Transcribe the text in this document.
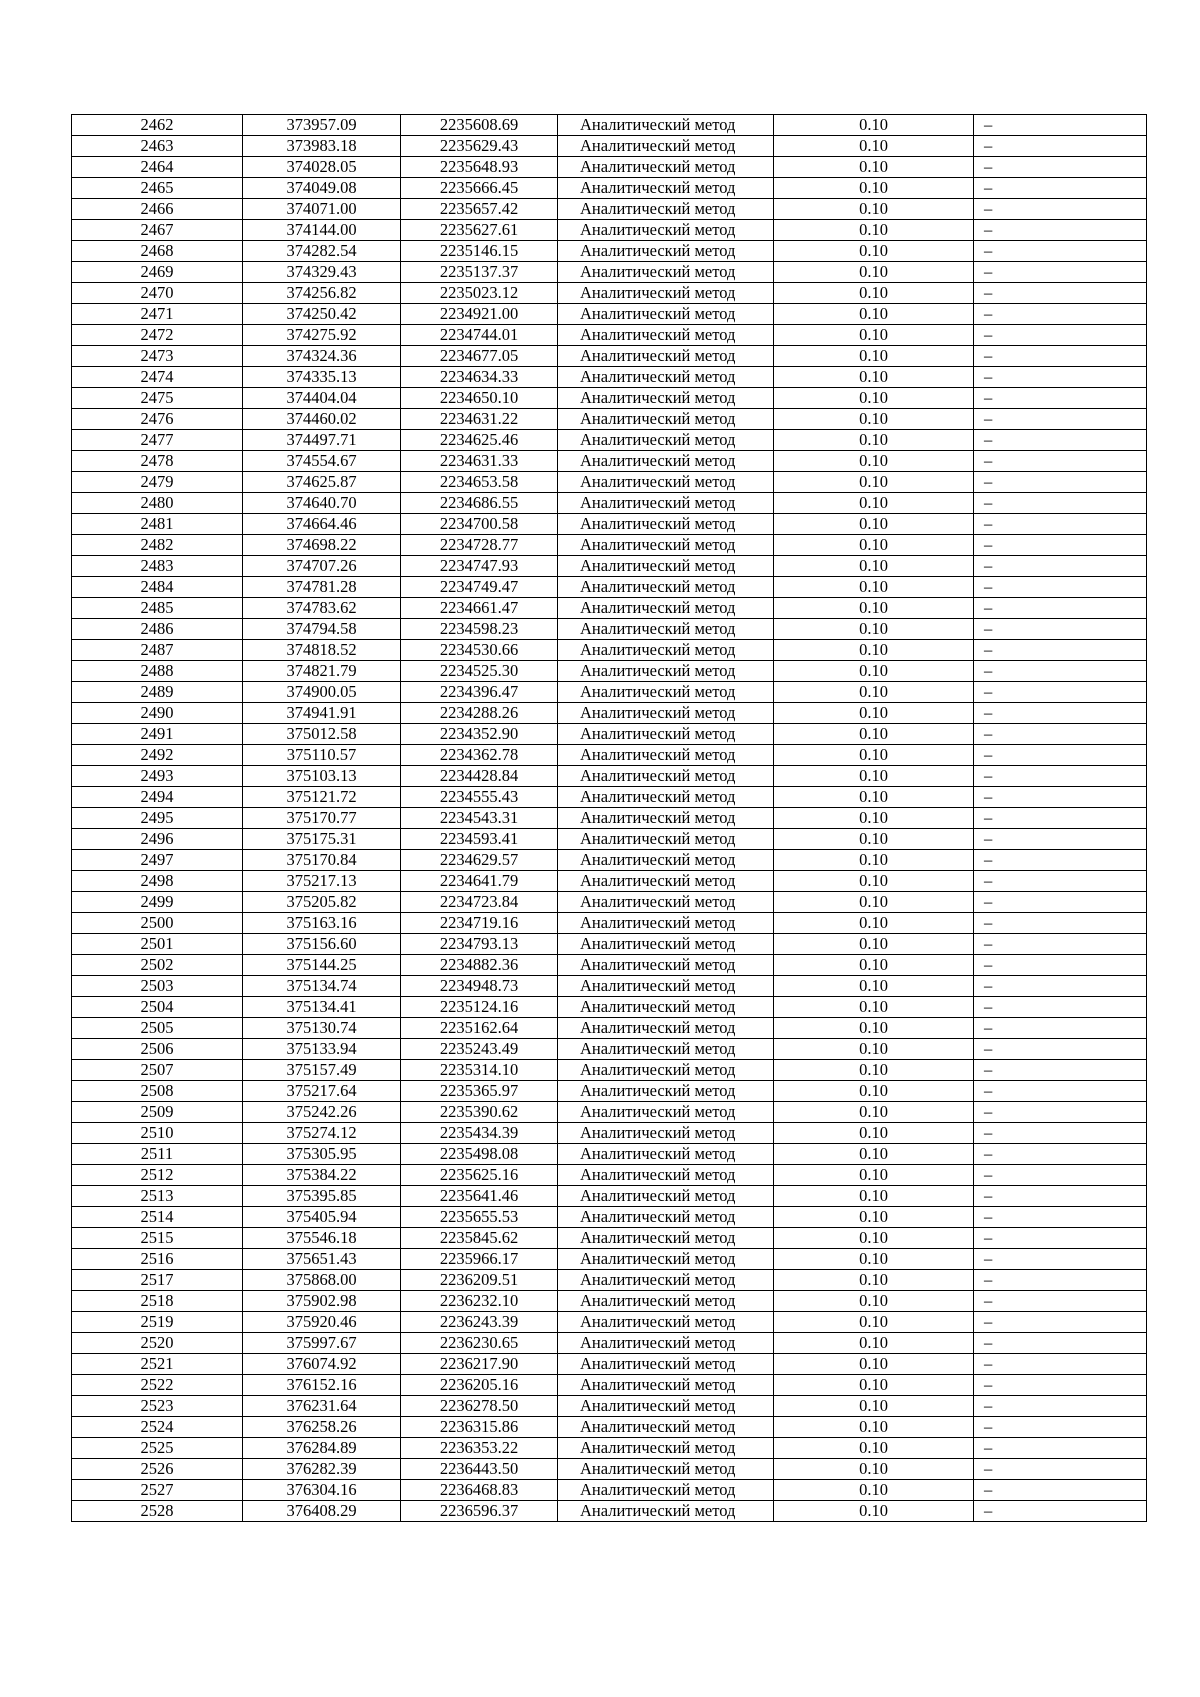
2462	373957.09	2235608.69	Аналитический метод	0.10	–
2463	373983.18	2235629.43	Аналитический метод	0.10	–
2464	374028.05	2235648.93	Аналитический метод	0.10	–
2465	374049.08	2235666.45	Аналитический метод	0.10	–
2466	374071.00	2235657.42	Аналитический метод	0.10	–
2467	374144.00	2235627.61	Аналитический метод	0.10	–
2468	374282.54	2235146.15	Аналитический метод	0.10	–
2469	374329.43	2235137.37	Аналитический метод	0.10	–
2470	374256.82	2235023.12	Аналитический метод	0.10	–
2471	374250.42	2234921.00	Аналитический метод	0.10	–
2472	374275.92	2234744.01	Аналитический метод	0.10	–
2473	374324.36	2234677.05	Аналитический метод	0.10	–
2474	374335.13	2234634.33	Аналитический метод	0.10	–
2475	374404.04	2234650.10	Аналитический метод	0.10	–
2476	374460.02	2234631.22	Аналитический метод	0.10	–
2477	374497.71	2234625.46	Аналитический метод	0.10	–
2478	374554.67	2234631.33	Аналитический метод	0.10	–
2479	374625.87	2234653.58	Аналитический метод	0.10	–
2480	374640.70	2234686.55	Аналитический метод	0.10	–
2481	374664.46	2234700.58	Аналитический метод	0.10	–
2482	374698.22	2234728.77	Аналитический метод	0.10	–
2483	374707.26	2234747.93	Аналитический метод	0.10	–
2484	374781.28	2234749.47	Аналитический метод	0.10	–
2485	374783.62	2234661.47	Аналитический метод	0.10	–
2486	374794.58	2234598.23	Аналитический метод	0.10	–
2487	374818.52	2234530.66	Аналитический метод	0.10	–
2488	374821.79	2234525.30	Аналитический метод	0.10	–
2489	374900.05	2234396.47	Аналитический метод	0.10	–
2490	374941.91	2234288.26	Аналитический метод	0.10	–
2491	375012.58	2234352.90	Аналитический метод	0.10	–
2492	375110.57	2234362.78	Аналитический метод	0.10	–
2493	375103.13	2234428.84	Аналитический метод	0.10	–
2494	375121.72	2234555.43	Аналитический метод	0.10	–
2495	375170.77	2234543.31	Аналитический метод	0.10	–
2496	375175.31	2234593.41	Аналитический метод	0.10	–
2497	375170.84	2234629.57	Аналитический метод	0.10	–
2498	375217.13	2234641.79	Аналитический метод	0.10	–
2499	375205.82	2234723.84	Аналитический метод	0.10	–
2500	375163.16	2234719.16	Аналитический метод	0.10	–
2501	375156.60	2234793.13	Аналитический метод	0.10	–
2502	375144.25	2234882.36	Аналитический метод	0.10	–
2503	375134.74	2234948.73	Аналитический метод	0.10	–
2504	375134.41	2235124.16	Аналитический метод	0.10	–
2505	375130.74	2235162.64	Аналитический метод	0.10	–
2506	375133.94	2235243.49	Аналитический метод	0.10	–
2507	375157.49	2235314.10	Аналитический метод	0.10	–
2508	375217.64	2235365.97	Аналитический метод	0.10	–
2509	375242.26	2235390.62	Аналитический метод	0.10	–
2510	375274.12	2235434.39	Аналитический метод	0.10	–
2511	375305.95	2235498.08	Аналитический метод	0.10	–
2512	375384.22	2235625.16	Аналитический метод	0.10	–
2513	375395.85	2235641.46	Аналитический метод	0.10	–
2514	375405.94	2235655.53	Аналитический метод	0.10	–
2515	375546.18	2235845.62	Аналитический метод	0.10	–
2516	375651.43	2235966.17	Аналитический метод	0.10	–
2517	375868.00	2236209.51	Аналитический метод	0.10	–
2518	375902.98	2236232.10	Аналитический метод	0.10	–
2519	375920.46	2236243.39	Аналитический метод	0.10	–
2520	375997.67	2236230.65	Аналитический метод	0.10	–
2521	376074.92	2236217.90	Аналитический метод	0.10	–
2522	376152.16	2236205.16	Аналитический метод	0.10	–
2523	376231.64	2236278.50	Аналитический метод	0.10	–
2524	376258.26	2236315.86	Аналитический метод	0.10	–
2525	376284.89	2236353.22	Аналитический метод	0.10	–
2526	376282.39	2236443.50	Аналитический метод	0.10	–
2527	376304.16	2236468.83	Аналитический метод	0.10	–
2528	376408.29	2236596.37	Аналитический метод	0.10	–
